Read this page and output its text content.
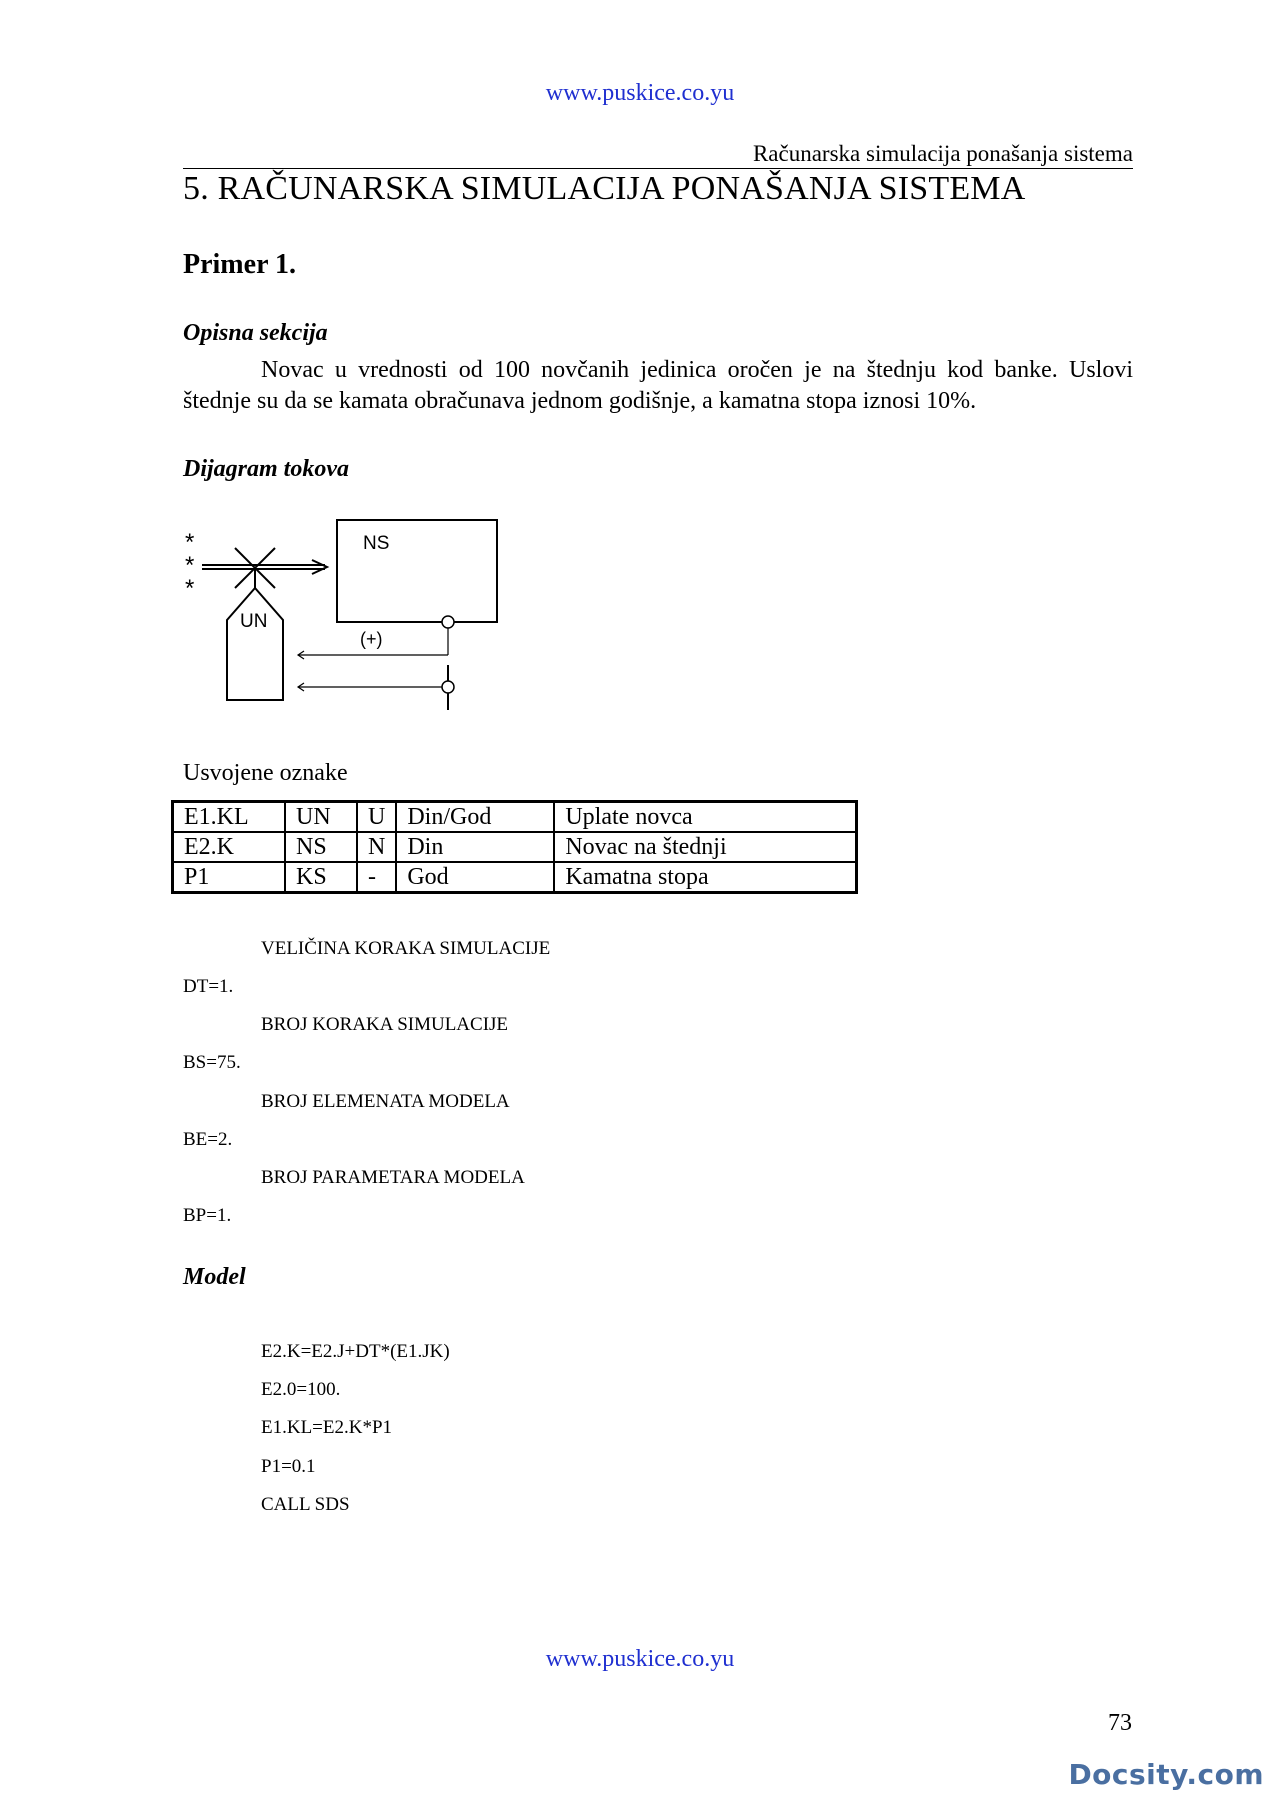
www.puskice.co.yu
Računarska simulacija ponašanja sistema
5. RAČUNARSKA SIMULACIJA PONAŠANJA SISTEMA
Primer 1.
Opisna sekcija
Novac u vrednosti od 100 novčanih jedinica oročen je na štednju kod banke. Uslovi štednje su da se kamata obračunava jednom godišnje, a kamatna stopa iznosi 10%.
Dijagram tokova
*
*
*
UN
NS
(+)
Usvojene oznake
E1.KL	UN	U	Din/God	Uplate novca
E2.K	NS	N	Din	Novac na štednji
P1	KS	-	God	Kamatna stopa
VELIČINA KORAKA SIMULACIJE
DT=1.
BROJ KORAKA SIMULACIJE
BS=75.
BROJ ELEMENATA MODELA
BE=2.
BROJ PARAMETARA MODELA
BP=1.
Model
E2.K=E2.J+DT*(E1.JK)
E2.0=100.
E1.KL=E2.K*P1
P1=0.1
CALL SDS
www.puskice.co.yu
73
Docsity.com
